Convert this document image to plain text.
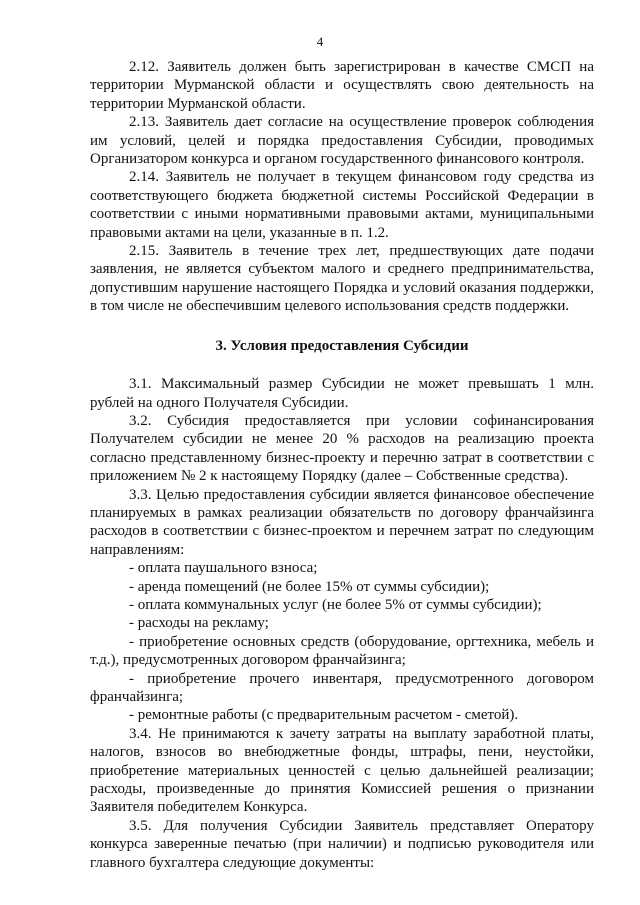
4

2.12. Заявитель должен быть зарегистрирован в качестве СМСП на территории Мурманской области и осуществлять свою деятельность на территории Мурманской области.

2.13. Заявитель дает согласие на осуществление проверок соблюдения им условий, целей и порядка предоставления Субсидии, проводимых Организатором конкурса и органом государственного финансового контроля.

2.14. Заявитель не получает в текущем финансовом году средства из соответствующего бюджета бюджетной системы Российской Федерации в соответствии с иными нормативными правовыми актами, муниципальными правовыми актами на цели, указанные в п. 1.2.

2.15. Заявитель в течение трех лет, предшествующих дате подачи заявления, не является субъектом малого и среднего предпринимательства, допустившим нарушение настоящего Порядка и условий оказания поддержки, в том числе не обеспечившим целевого использования средств поддержки.

3. Условия предоставления Субсидии

3.1. Максимальный размер Субсидии не может превышать 1 млн. рублей на одного Получателя Субсидии.

3.2. Субсидия предоставляется при условии софинансирования Получателем субсидии не менее 20 % расходов на реализацию проекта согласно представленному бизнес-проекту и перечню затрат в соответствии с приложением № 2 к настоящему Порядку (далее – Собственные средства).

3.3. Целью предоставления субсидии является финансовое обеспечение планируемых в рамках реализации обязательств по договору франчайзинга расходов в соответствии с бизнес-проектом и перечнем затрат по следующим направлениям:

- оплата паушального взноса;

- аренда помещений (не более 15% от суммы субсидии);

- оплата коммунальных услуг (не более 5% от суммы субсидии);

- расходы на рекламу;

- приобретение основных средств (оборудование, оргтехника, мебель и т.д.), предусмотренных договором франчайзинга;

- приобретение прочего инвентаря, предусмотренного договором франчайзинга;

- ремонтные работы (с предварительным расчетом - сметой).

3.4. Не принимаются к зачету затраты на выплату заработной платы, налогов, взносов во внебюджетные фонды, штрафы, пени, неустойки, приобретение материальных ценностей с целью дальнейшей реализации; расходы, произведенные до принятия Комиссией решения о признании Заявителя победителем Конкурса.

3.5. Для получения Субсидии Заявитель представляет Оператору конкурса заверенные печатью (при наличии) и подписью руководителя или главного бухгалтера следующие документы:
